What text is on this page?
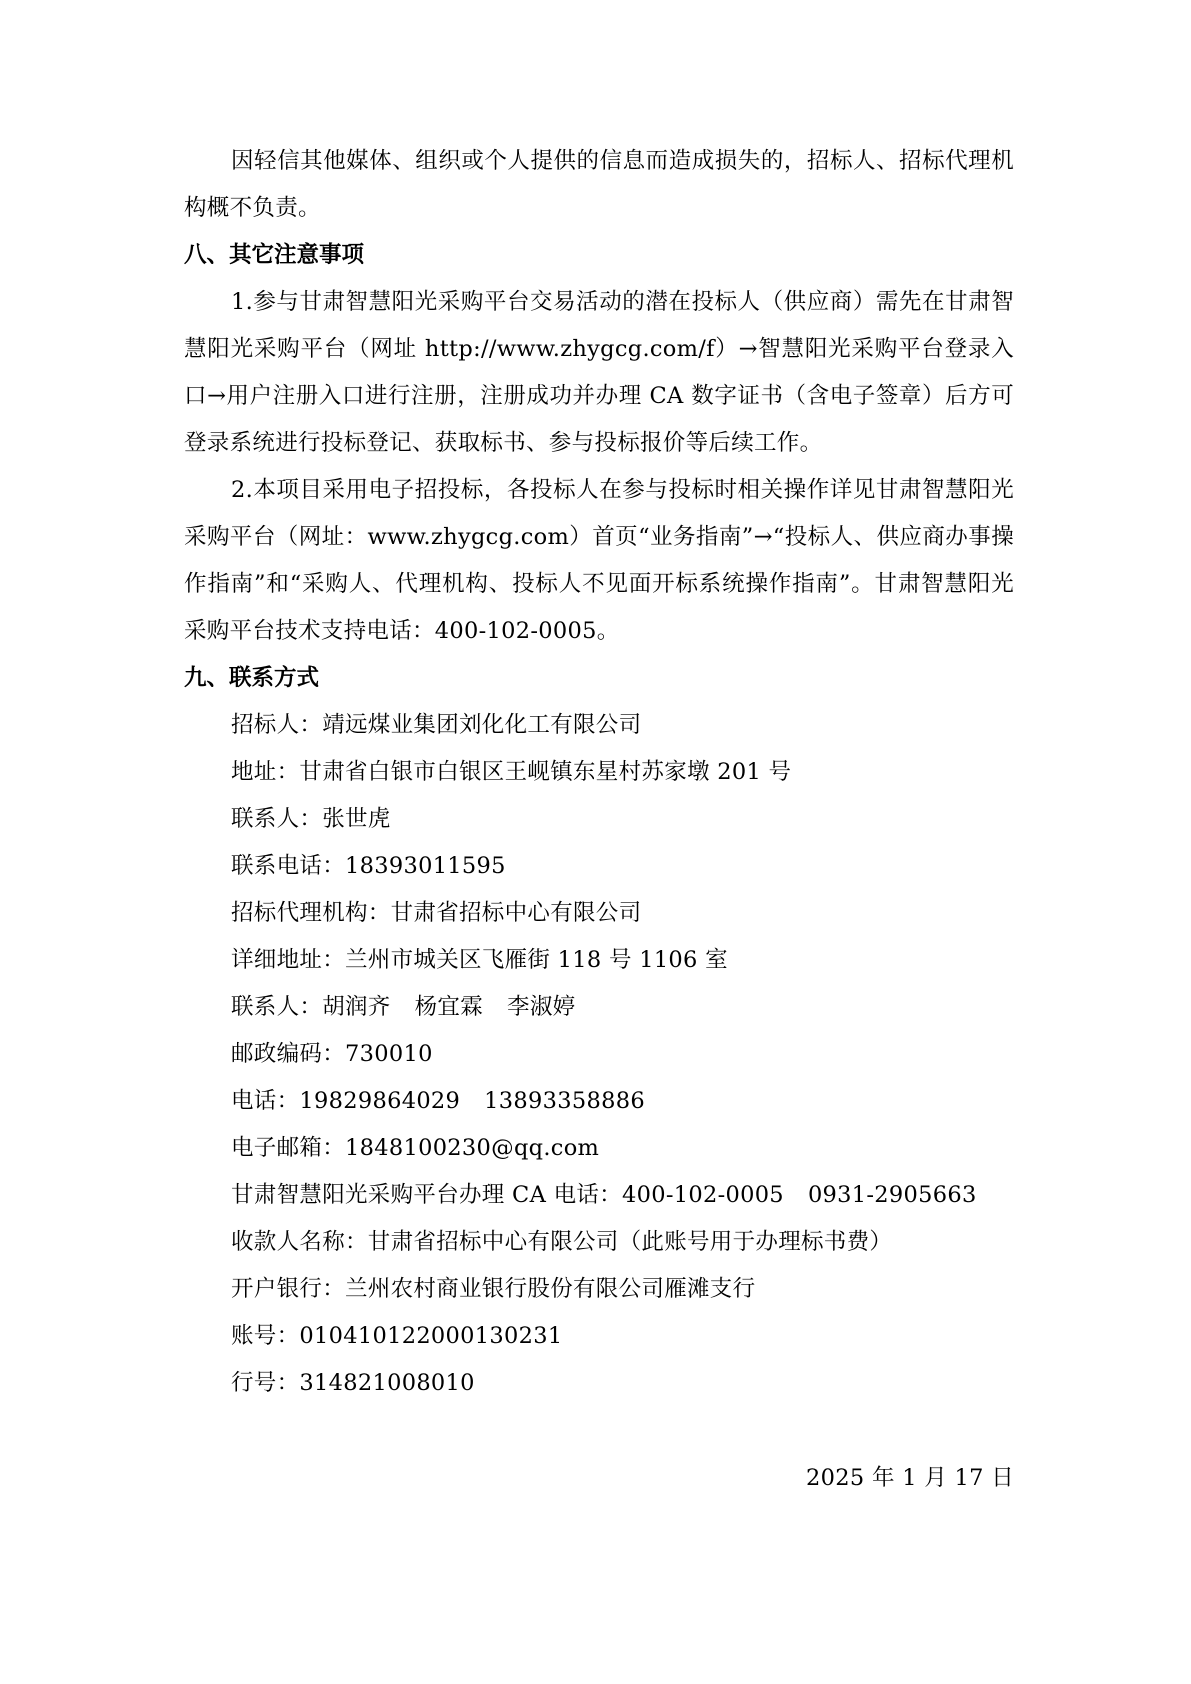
因轻信其他媒体、组织或个人提供的信息而造成损失的，招标人、招标代理机构概不负责。

八、其它注意事项

1.参与甘肃智慧阳光采购平台交易活动的潜在投标人（供应商）需先在甘肃智慧阳光采购平台（网址 http://www.zhygcg.com/f）→智慧阳光采购平台登录入口→用户注册入口进行注册，注册成功并办理 CA 数字证书（含电子签章）后方可登录系统进行投标登记、获取标书、参与投标报价等后续工作。

2.本项目采用电子招投标，各投标人在参与投标时相关操作详见甘肃智慧阳光采购平台（网址：www.zhygcg.com）首页“业务指南”→“投标人、供应商办事操作指南”和“采购人、代理机构、投标人不见面开标系统操作指南”。甘肃智慧阳光采购平台技术支持电话：400-102-0005。

九、联系方式
招标人：靖远煤业集团刘化化工有限公司
地址：甘肃省白银市白银区王岘镇东星村苏家墩 201 号
联系人：张世虎
联系电话：18393011595
招标代理机构：甘肃省招标中心有限公司
详细地址：兰州市城关区飞雁街 118 号 1106 室
联系人：胡润齐 杨宜霖 李淑婷
邮政编码：730010
电话：19829864029 13893358886
电子邮箱：1848100230@qq.com
甘肃智慧阳光采购平台办理 CA 电话：400-102-0005 0931-2905663
收款人名称：甘肃省招标中心有限公司（此账号用于办理标书费）
开户银行：兰州农村商业银行股份有限公司雁滩支行
账号：010410122000130231
行号：314821008010
2025 年 1 月 17 日
